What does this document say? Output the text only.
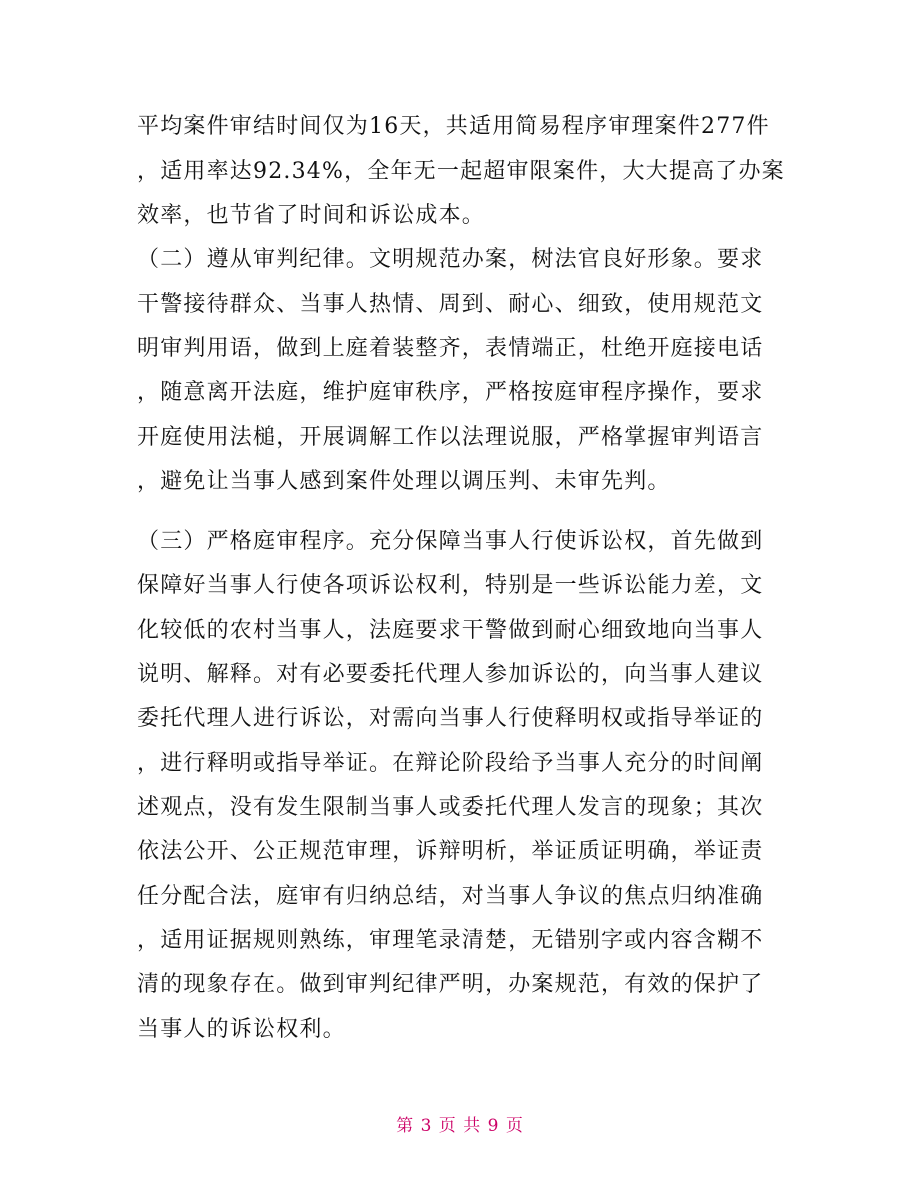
平均案件审结时间仅为16天，共适用简易程序审理案件277件
，适用率达92.34%，全年无一起超审限案件，大大提高了办案
效率，也节省了时间和诉讼成本。
（二）遵从审判纪律。文明规范办案，树法官良好形象。要求
干警接待群众、当事人热情、周到、耐心、细致，使用规范文
明审判用语，做到上庭着装整齐，表情端正，杜绝开庭接电话
，随意离开法庭，维护庭审秩序，严格按庭审程序操作，要求
开庭使用法槌，开展调解工作以法理说服，严格掌握审判语言
，避免让当事人感到案件处理以调压判、未审先判。
（三）严格庭审程序。充分保障当事人行使诉讼权，首先做到
保障好当事人行使各项诉讼权利，特别是一些诉讼能力差，文
化较低的农村当事人，法庭要求干警做到耐心细致地向当事人
说明、解释。对有必要委托代理人参加诉讼的，向当事人建议
委托代理人进行诉讼，对需向当事人行使释明权或指导举证的
，进行释明或指导举证。在辩论阶段给予当事人充分的时间阐
述观点，没有发生限制当事人或委托代理人发言的现象；其次
依法公开、公正规范审理，诉辩明析，举证质证明确，举证责
任分配合法，庭审有归纳总结，对当事人争议的焦点归纳准确
，适用证据规则熟练，审理笔录清楚，无错别字或内容含糊不
清的现象存在。做到审判纪律严明，办案规范，有效的保护了
当事人的诉讼权利。
第 3 页 共 9 页
